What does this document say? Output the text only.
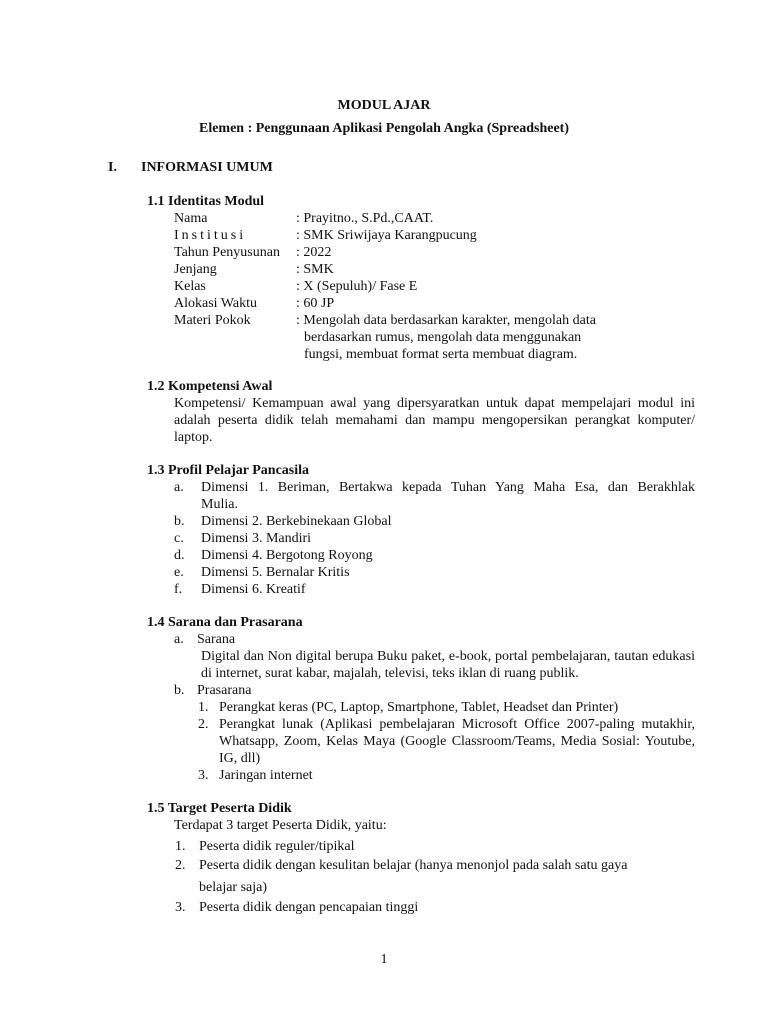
MODUL AJAR
Elemen : Penggunaan Aplikasi Pengolah Angka (Spreadsheet)
I. INFORMASI UMUM
1.1 Identitas Modul
Nama	: Prayitno., S.Pd.,CAAT.
Institusi	: SMK Sriwijaya Karangpucung
Tahun Penyusunan : 2022
Jenjang	: SMK
Kelas	: X (Sepuluh)/ Fase E
Alokasi Waktu	: 60 JP
Materi Pokok	: Mengolah data berdasarkan karakter, mengolah data
berdasarkan rumus, mengolah data menggunakan
fungsi, membuat format serta membuat diagram.
1.2 Kompetensi Awal
Kompetensi/ Kemampuan awal yang dipersyaratkan untuk dapat mempelajari modul ini adalah peserta didik telah memahami dan mampu mengopersikan perangkat komputer/ laptop.
1.3 Profil Pelajar Pancasila
a. Dimensi 1. Beriman, Bertakwa kepada Tuhan Yang Maha Esa, dan Berakhlak
Mulia.
b. Dimensi 2. Berkebinekaan Global
c. Dimensi 3. Mandiri
d. Dimensi 4. Bergotong Royong
e. Dimensi 5. Bernalar Kritis
f. Dimensi 6. Kreatif
1.4 Sarana dan Prasarana
a. Sarana
Digital dan Non digital berupa Buku paket, e-book, portal pembelajaran, tautan edukasi di internet, surat kabar, majalah, televisi, teks iklan di ruang publik.
b. Prasarana
1. Perangkat keras (PC, Laptop, Smartphone, Tablet, Headset dan Printer)
2. Perangkat lunak (Aplikasi pembelajaran Microsoft Office 2007-paling mutakhir, Whatsapp, Zoom, Kelas Maya (Google Classroom/Teams, Media Sosial: Youtube, IG, dll)
3. Jaringan internet
1.5 Target Peserta Didik
Terdapat 3 target Peserta Didik, yaitu:
1. Peserta didik reguler/tipikal
2. Peserta didik dengan kesulitan belajar (hanya menonjol pada salah satu gaya
belajar saja)
3. Peserta didik dengan pencapaian tinggi
1
